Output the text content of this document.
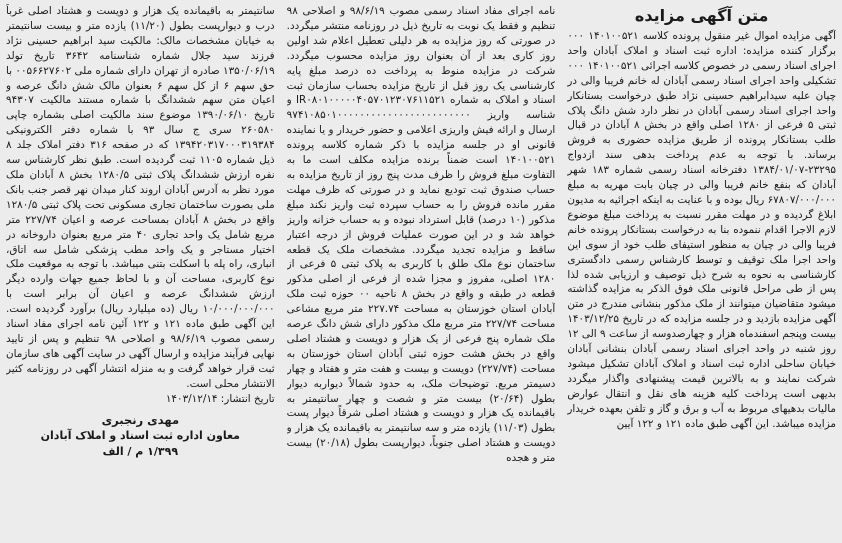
متن آگهی مزایده

آگهی مزایده اموال غیر منقول پرونده کلاسه ۱۴۰۱۰۰۵۲۱ ۰۰۰ برگزار کننده مزایده: اداره ثبت اسناد و املاک آبادان واحد اجرای اسناد رسمی در خصوص کلاسه اجرائی ۱۴۰۱۰۰۵۲۱ ۰۰۰ تشکیلی واحد اجرای اسناد رسمی آبادان له خانم فریبا والی در چیان علیه سیدابراهیم حسینی نژاد طبق درخواست بستانکار واحد اجرای اسناد رسمی آبادان در نظر دارد شش دانگ پلاک ثبتی ۵ فرعی از ۱۲۸۰ اصلی واقع در بخش ۸ آبادان در قبال طلب بستانکار پرونده از طریق مزایده حضوری به فروش برساند. با توجه به عدم پرداخت بدهی سند ازدواج ۲۳۲۹۵-۱۳۸۴/۰۱/۰۷ دفترخانه اسناد رسمی شماره ۱۸۳ شهر آبادان که بنفع خانم فریبا والی در چیان بابت مهریه به مبلغ ۶۷۸۰۷/۰۰۰/۰۰۰ ریال بوده و با عنایت به اینکه اجرائیه به مدیون ابلاغ گردیده و در مهلت مقرر نسبت به پرداخت مبلغ موضوع لازم الاجرا اقدام ننموده بنا به درخواست بستانکار پرونده خانم فریبا والی در چیان به منظور استیفای طلب خود از سوی این واحد اجرا ملک توقیف و توسط کارشناس رسمی دادگستری کارشناسی به نحوه به شرح ذیل توصیف و ارزیابی شده لذا پس از طی مراحل قانونی ملک فوق الذکر به مزایده گذاشته میشود متقاضیان میتوانند از ملک مذکور بنشانی مندرج در متن آگهی مزایده بازدید و در جلسه مزایده که در تاریخ ۱۴۰۳/۱۲/۲۵ بیست وپنجم اسفندماه هزار و چهارصدوسه از ساعت ۹ الی ۱۲ روز شنبه در واحد اجرای اسناد رسمی آبادان بنشانی آبادان خیابان ساحلی اداره ثبت اسناد و املاک آبادان تشکیل میشود شرکت نمایند و به بالاترین قیمت پیشنهادی واگذار میگردد بدیهی است پرداخت کلیه هزینه های نقل و انتقال عوارض مالیات بدهیهای مربوط به آب و برق و گاز و تلفن بعهده خریدار مزایده میباشد. این آگهی طبق ماده ۱۲۱ و ۱۲۲ آیین

نامه اجرای مفاد اسناد رسمی مصوب ۹۸/۶/۱۹ و اصلاحی ۹۸ تنظیم و فقط یک نوبت به تاریخ ذیل در روزنامه منتشر میگردد. در صورتی که روز مزایده به هر دلیلی تعطیل اعلام شد اولین روز کاری بعد از آن بعنوان روز مزایده محسوب میگردد. شرکت در مزایده منوط به پرداخت ده درصد مبلغ پایه کارشناسی یک روز قبل از تاریخ مزایده بحساب سازمان ثبت اسناد و املاک به شماره IR۰۸۰۱۰۰۰۰۰۴۰۵۷۰۱۲۳۰۷۶۱۱۵۲۱ و شناسه واریز ۹۷۴۱۰۸۵۰۱۰۰۰۰۰۰۰۰۰۰۰۰۰۰۰۰۰۰۰۰۰۰۰۰ ارسال و ارائه فیش واریزی اعلامی و حضور خریدار و یا نماینده قانونی او در جلسه مزایده با ذکر شماره کلاسه پرونده ۱۴۰۱۰۰۵۲۱ است ضمناً برنده مزایده مکلف است ما به التفاوت مبلغ فروش را ظرف مدت پنج روز از تاریخ مزایده به حساب صندوق ثبت تودیع نماید و در صورتی که ظرف مهلت مقرر مانده فروش را به حساب سپرده ثبت واریز نکند مبلغ مذکور (۱۰ درصد) قابل استرداد نبوده و به حساب خزانه واریز خواهد شد و در این صورت عملیات فروش از درجه اعتبار ساقط و مزایده تجدید میگردد. مشخصات ملک یک قطعه ساختمان نوع ملک طلق با کاربری به پلاک ثبتی ۵ فرعی از ۱۲۸۰ اصلی، مفروز و مجزا شده از فرعی از اصلی مذکور قطعه در طبقه و واقع در بخش ۸ ناحیه ۰۰ حوزه ثبت ملک آبادان استان خوزستان به مساحت ۲۲۷.۷۴ متر مربع مشاعی مساحت ۲۲۷/۷۴ متر مربع ملک مذکور دارای شش دانگ عرصه ملک شماره پنج فرعی از یک هزار و دویست و هشتاد اصلی واقع در بخش هشت حوزه ثبتی آبادان استان خوزستان به مساحت (۲۲۷/۷۴) دویست و بیست و هفت متر و هفتاد و چهار دسیمتر مربع. توضیحات ملک، به حدود شمالاً دیواربه دیوار بطول (۲۰/۶۴) بیست متر و شصت و چهار سانتیمتر به باقیمانده یک هزار و دویست و هشتاد اصلی شرقاً دیوار پست بطول (۱۱/۰۳) یازده متر و سه سانتیمتر به باقیمانده یک هزار و دویست و هشتاد اصلی جنوباً، دیوارپست بطول (۲۰/۱۸) بیست متر و هجده

سانتیمتر به باقیمانده یک هزار و دویست و هشتاد اصلی غرباً درب و دیوارپست بطول (۱۱/۲۰) یازده متر و بیست سانتیمتر به خیابان مشخصات مالک: مالکیت سید ابراهیم حسینی نژاد فرزند سید جلال شماره شناسنامه ۳۶۴۲ تاریخ تولد ۱۳۵۰/۰۶/۱۹ صادره از تهران دارای شماره ملی ۰۰۵۶۶۲۷۶۰۲ با حق سهم ۶ از کل سهم ۶ بعنوان مالک شش دانگ عرصه و اعیان متن سهم ششدانگ با شماره مستند مالکیت ۹۴۳۰۷ تاریخ ۱۳۹۰/۰۶/۱۰ موضوع سند مالکیت اصلی بشماره چاپی ۲۶۰۵۸۰ سری ج سال ۹۳ با شماره دفتر الکترونیکی ۱۳۹۴۲۰۳۱۷۰۰۰۳۱۹۳۸۴ که در صفحه ۳۱۶ دفتر املاک جلد ۸ ذیل شماره ۱۱۰۵ ثبت گردیده است. طبق نظر کارشناس سه نفره ارزش ششدانگ پلاک ثبتی ۱۲۸۰/۵ بخش ۸ آبادان ملک مورد نظر به آدرس آبادان اروند کنار میدان نهر قصر جنب بانک ملی بصورت ساختمان تجاری مسکونی تحت پلاک ثبتی ۱۲۸۰/۵ واقع در بخش ۸ آبادان بمساحت عرصه و اعیان ۲۲۷/۷۴ متر مربع شامل یک واحد تجاری ۴۰ متر مربع بعنوان داروخانه در اختیار مستاجر و یک واحد مطب پزشکی شامل سه اتاق، انباری، راه پله با اسکلت بتنی میباشد. با توجه به موقعیت ملک نوع کاربری، مساحت آن و با لحاظ جمیع جهات وارده دیگر ارزش ششدانگ عرصه و اعیان آن برابر است با ۱۰/۰۰۰/۰۰۰/۰۰۰ ریال (ده میلیارد ریال) برآورد گردیده است. این آگهی طبق ماده ۱۲۱ و ۱۲۲ آئین نامه اجرای مفاد اسناد رسمی مصوب ۹۸/۶/۱۹ و اصلاحی ۹۸ تنظیم و پس از تایید نهایی فرآیند مزایده و ارسال آگهی در سایت آگهی های سازمان ثبت قرار خواهد گرفت و به منزله انتشار آگهی در روزنامه کثیر الانتشار محلی است.

تاریخ انتشار: ۱۴۰۳/۱۲/۱۴

مهدی رنجبری
معاون اداره ثبت اسناد و املاک آبادان
۱/۳۹۹ م / الف
